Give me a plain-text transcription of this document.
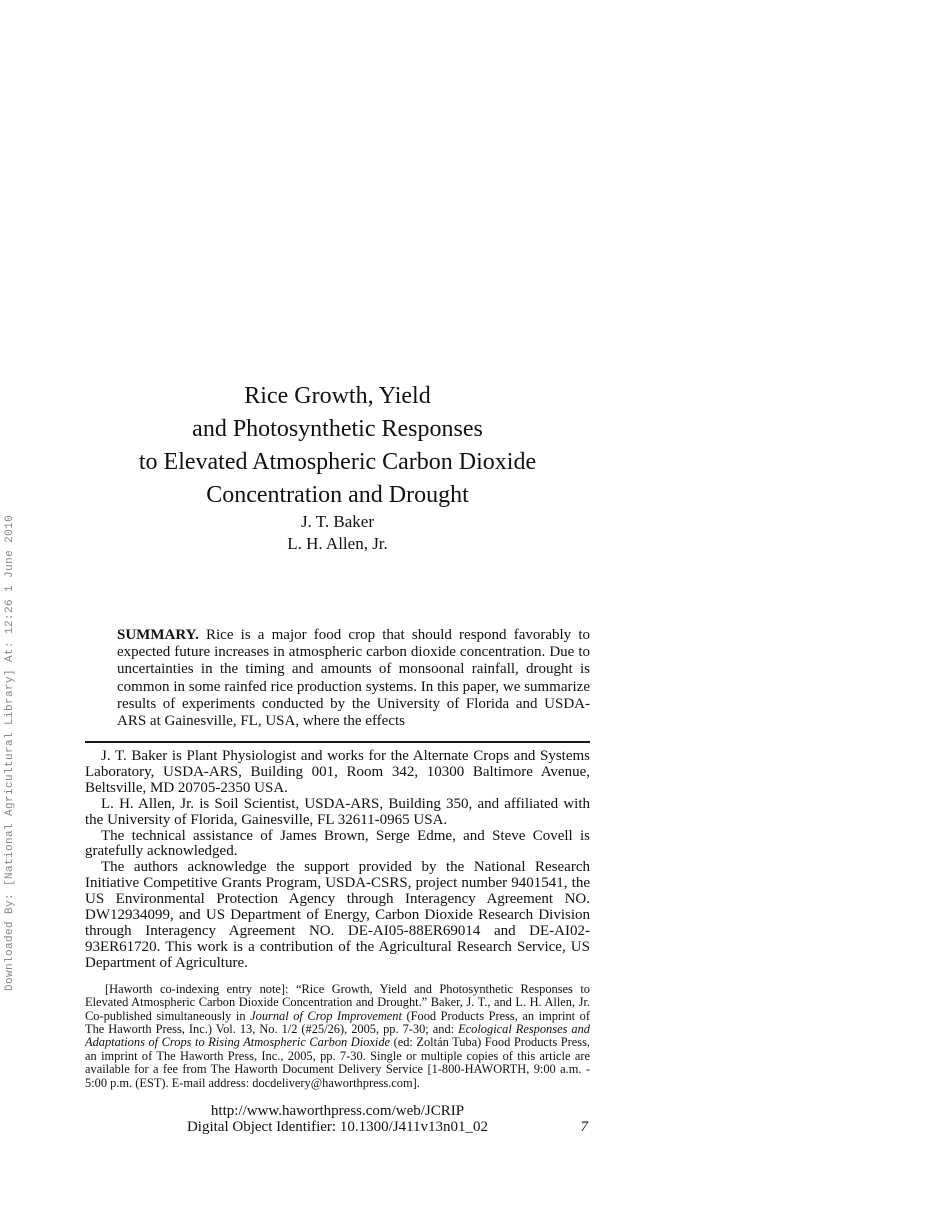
Downloaded By: [National Agricultural Library] At: 12:26 1 June 2010
Rice Growth, Yield
and Photosynthetic Responses
to Elevated Atmospheric Carbon Dioxide
Concentration and Drought
J. T. Baker
L. H. Allen, Jr.
SUMMARY. Rice is a major food crop that should respond favorably to expected future increases in atmospheric carbon dioxide concentration. Due to uncertainties in the timing and amounts of monsoonal rainfall, drought is common in some rainfed rice production systems. In this paper, we summarize results of experiments conducted by the University of Florida and USDA-ARS at Gainesville, FL, USA, where the effects

J. T. Baker is Plant Physiologist and works for the Alternate Crops and Systems Laboratory, USDA-ARS, Building 001, Room 342, 10300 Baltimore Avenue, Beltsville, MD 20705-2350 USA.

L. H. Allen, Jr. is Soil Scientist, USDA-ARS, Building 350, and affiliated with the University of Florida, Gainesville, FL 32611-0965 USA.

The technical assistance of James Brown, Serge Edme, and Steve Covell is gratefully acknowledged.

The authors acknowledge the support provided by the National Research Initiative Competitive Grants Program, USDA-CSRS, project number 9401541, the US Environmental Protection Agency through Interagency Agreement NO. DW12934099, and US Department of Energy, Carbon Dioxide Research Division through Interagency Agreement NO. DE-AI05-88ER69014 and DE-AI02-93ER61720. This work is a contribution of the Agricultural Research Service, US Department of Agriculture.

[Haworth co-indexing entry note]: “Rice Growth, Yield and Photosynthetic Responses to Elevated Atmospheric Carbon Dioxide Concentration and Drought.” Baker, J. T., and L. H. Allen, Jr. Co-published simultaneously in Journal of Crop Improvement (Food Products Press, an imprint of The Haworth Press, Inc.) Vol. 13, No. 1/2 (#25/26), 2005, pp. 7-30; and: Ecological Responses and Adaptations of Crops to Rising Atmospheric Carbon Dioxide (ed: Zoltán Tuba) Food Products Press, an imprint of The Haworth Press, Inc., 2005, pp. 7-30. Single or multiple copies of this article are available for a fee from The Haworth Document Delivery Service [1-800-HAWORTH, 9:00 a.m. - 5:00 p.m. (EST). E-mail address: docdelivery@haworthpress.com].

http://www.haworthpress.com/web/JCRIP
Digital Object Identifier: 10.1300/J411v13n01_02	7
